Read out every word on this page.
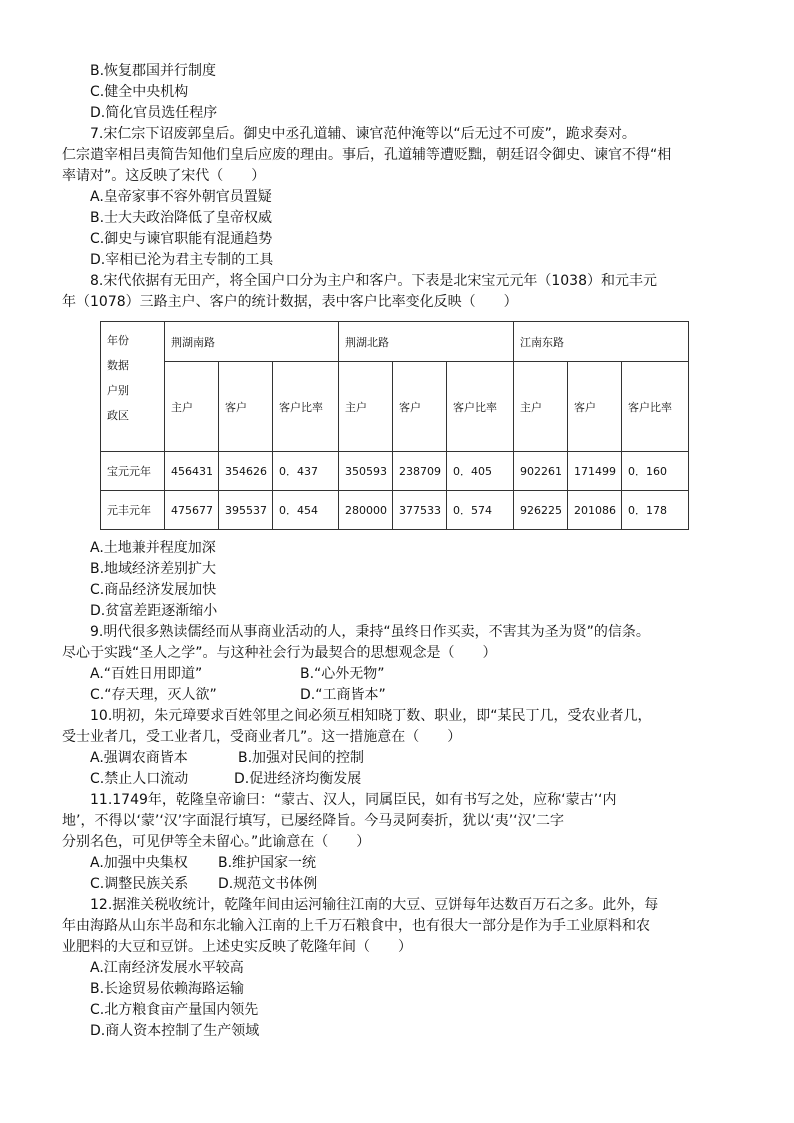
B.恢复郡国并行制度
C.健全中央机构
D.简化官员选任程序
7.宋仁宗下诏废郭皇后。御史中丞孔道辅、谏官范仲淹等以“后无过不可废”，跪求奏对。
仁宗遣宰相吕夷简告知他们皇后应废的理由。事后，孔道辅等遭贬黜，朝廷诏令御史、谏官不得“相
率请对”。这反映了宋代（　　）
A.皇帝家事不容外朝官员置疑
B.士大夫政治降低了皇帝权威
C.御史与谏官职能有混通趋势
D.宰相已沦为君主专制的工具
8.宋代依据有无田产，将全国户口分为主户和客户。下表是北宋宝元元年（1038）和元丰元
年（1078）三路主户、客户的统计数据，表中客户比率变化反映（　　）
年份
数据
户别
政区	荆湖南路			荆湖北路			江南东路		
	主户	客户	客户比率	主户	客户	客户比率	主户	客户	客户比率
宝元元年	456431	354626	0．437	350593	238709	0．405	902261	171499	0．160
元丰元年	475677	395537	0．454	280000	377533	0．574	926225	201086	0．178
A.土地兼并程度加深
B.地域经济差别扩大
C.商品经济发展加快
D.贫富差距逐渐缩小
9.明代很多熟读儒经而从事商业活动的人，秉持“虽终日作买卖，不害其为圣为贤”的信条。
尽心于实践“圣人之学”。与这种社会行为最契合的思想观念是（　　）
A.“百姓日用即道”	B.“心外无物”
C.“存天理，灭人欲”	D.“工商皆本”
10.明初，朱元璋要求百姓邻里之间必须互相知晓丁数、职业，即“某民丁几，受农业者几，
受士业者几，受工业者几，受商业者几”。这一措施意在（　　）
A.强调农商皆本	B.加强对民间的控制
C.禁止人口流动	D.促进经济均衡发展
11.1749年，乾隆皇帝谕曰：“蒙古、汉人，同属臣民，如有书写之处，应称‘蒙古’‘内
地’，不得以‘蒙’‘汉’字面混行填写，已屡经降旨。今马灵阿奏折，犹以‘夷’‘汉’二字
分别名色，可见伊等全未留心。”此谕意在（　　）
A.加强中央集权 B.维护国家一统
C.调整民族关系 D.规范文书体例
12.据淮关税收统计，乾隆年间由运河输往江南的大豆、豆饼每年达数百万石之多。此外，每
年由海路从山东半岛和东北输入江南的上千万石粮食中，也有很大一部分是作为手工业原料和农
业肥料的大豆和豆饼。上述史实反映了乾隆年间（　　）
A.江南经济发展水平较高
B.长途贸易依赖海路运输
C.北方粮食亩产量国内领先
D.商人资本控制了生产领域
